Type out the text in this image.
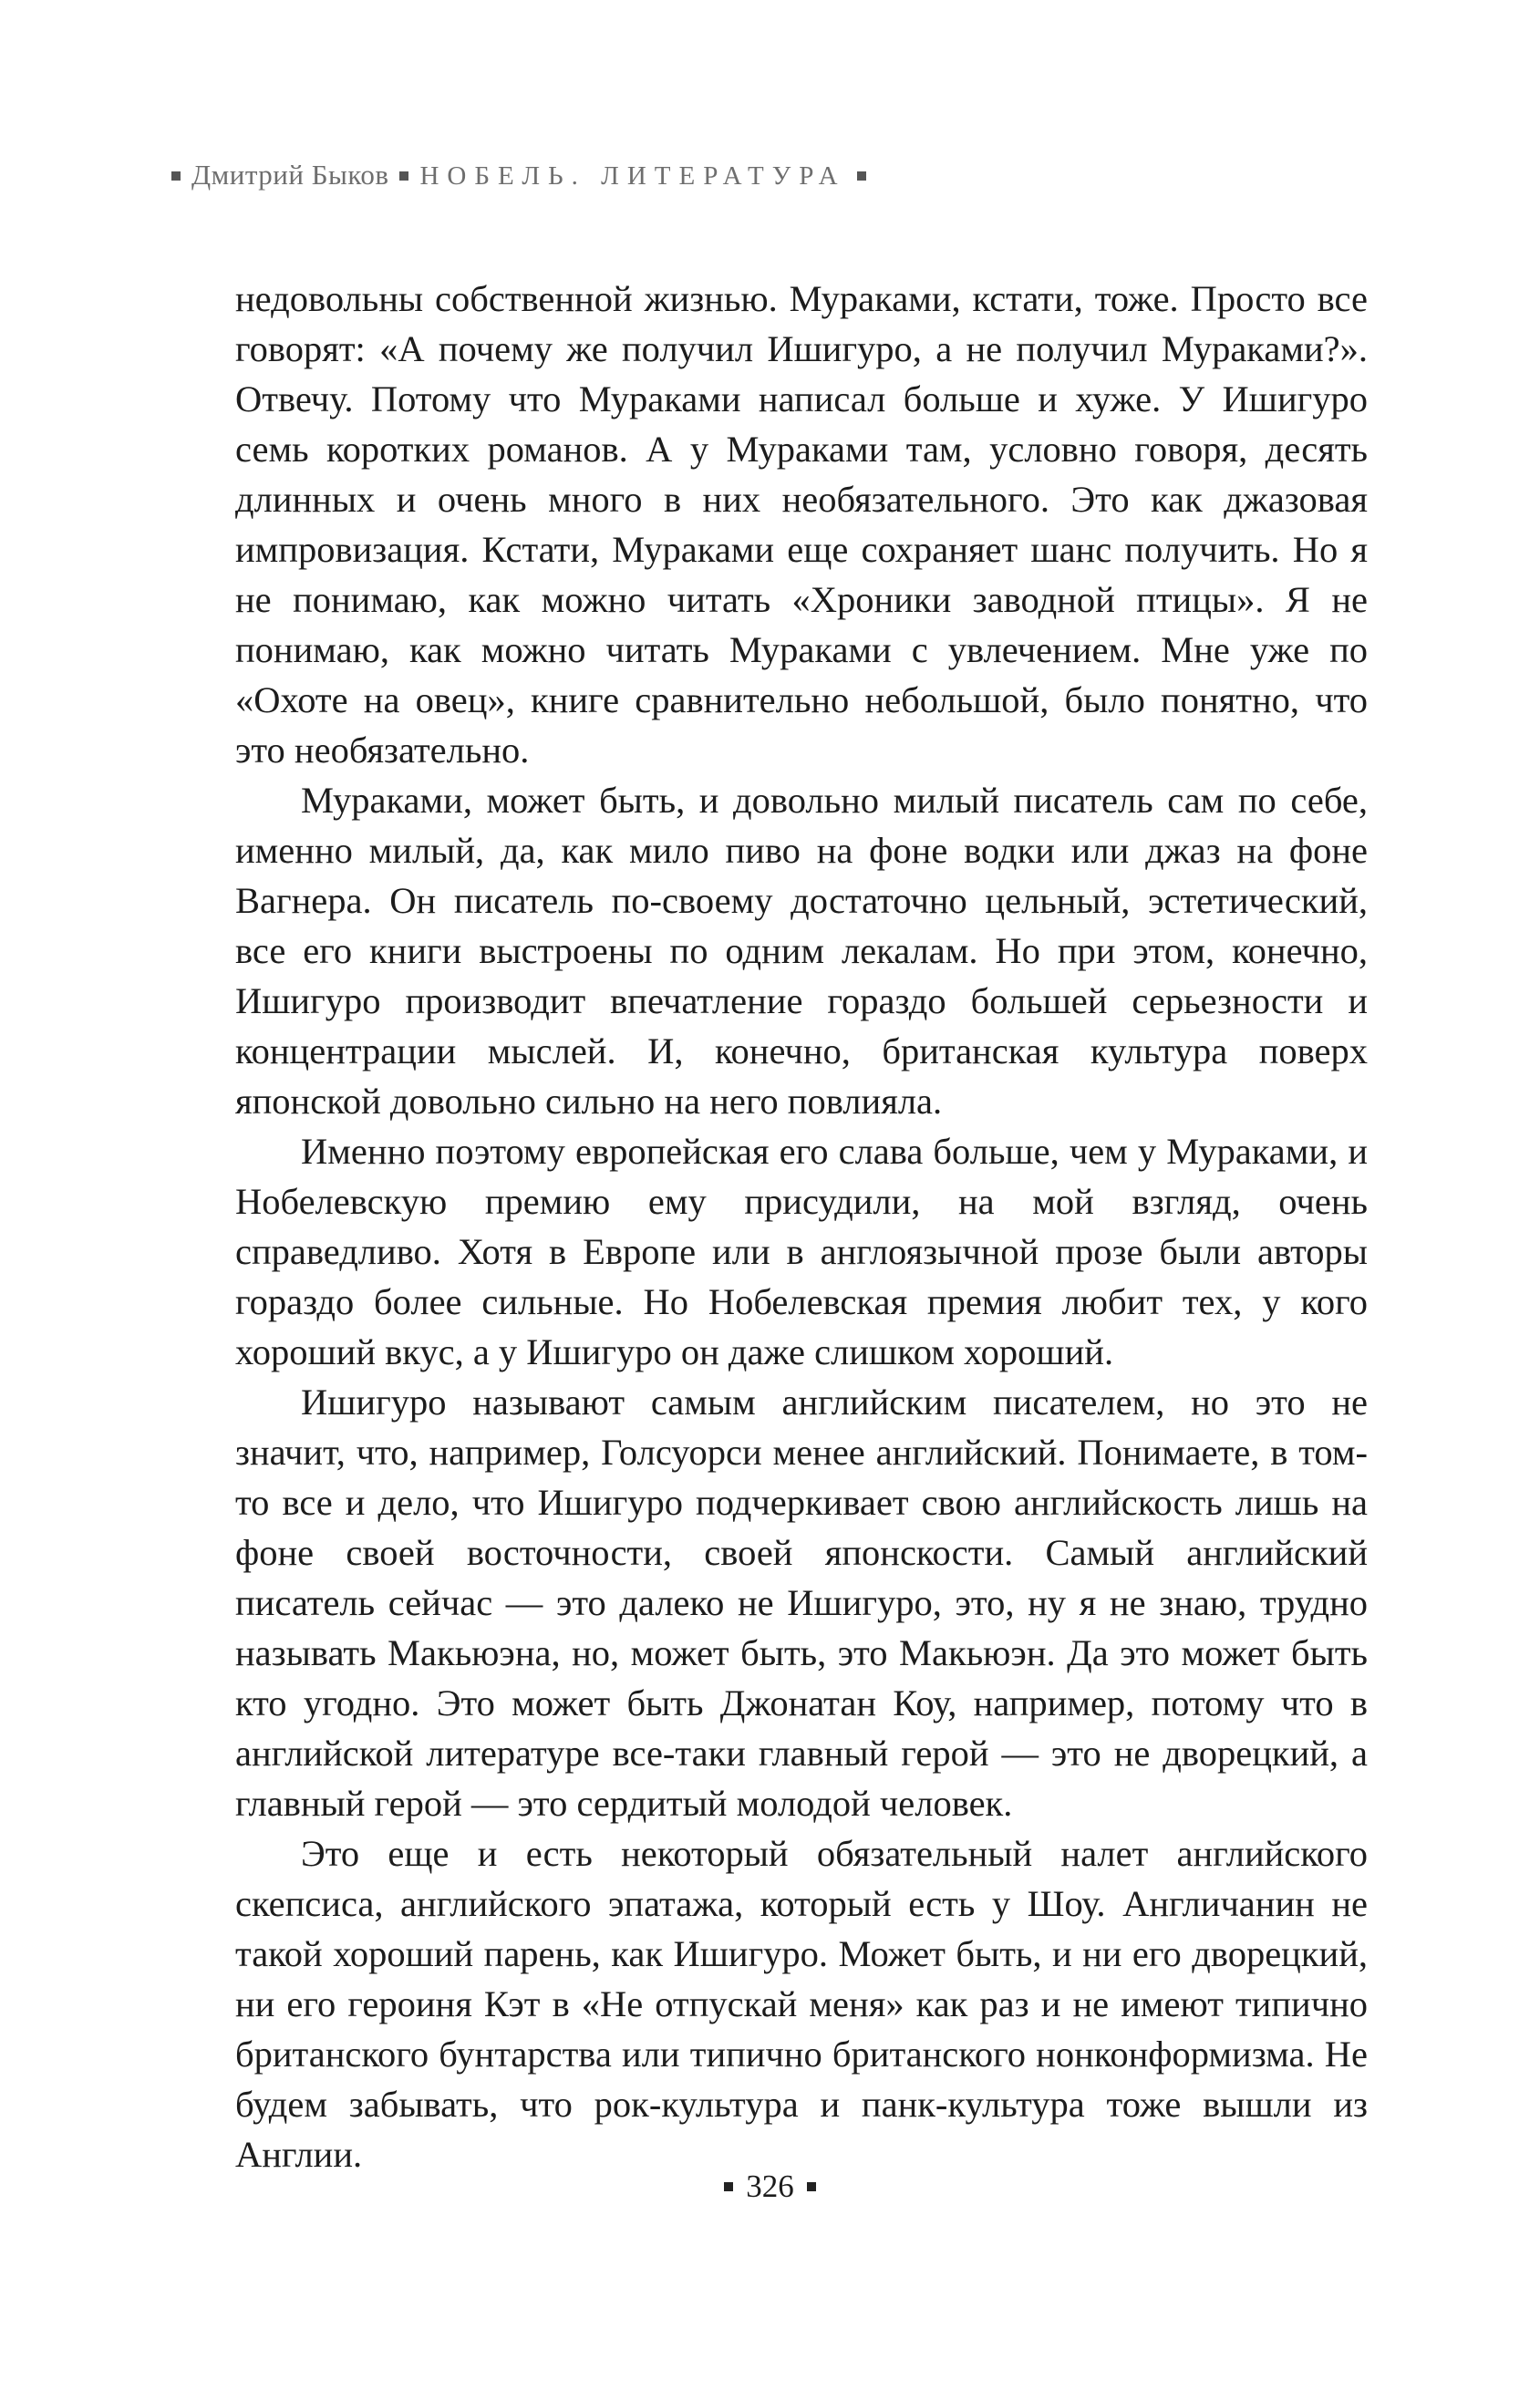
Дмитрий Быков НОБЕЛЬ. ЛИТЕРАТУРА

недовольны собственной жизнью. Мураками, кстати, тоже. Просто все говорят: «А почему же получил Ишигуро, а не получил Мураками?». Отвечу. Потому что Мураками написал больше и хуже. У Ишигуро семь коротких романов. А у Мураками там, условно говоря, десять длинных и очень много в них необязательного. Это как джазовая импровизация. Кстати, Мураками еще сохраняет шанс получить. Но я не понимаю, как можно читать «Хроники заводной птицы». Я не понимаю, как можно читать Мураками с увлечением. Мне уже по «Охоте на овец», книге сравнительно небольшой, было понятно, что это необязательно.

Мураками, может быть, и довольно милый писатель сам по себе, именно милый, да, как мило пиво на фоне водки или джаз на фоне Вагнера. Он писатель по-своему достаточно цельный, эстетический, все его книги выстроены по одним лекалам. Но при этом, конечно, Ишигуро производит впечатление гораздо большей серьезности и концентрации мыслей. И, конечно, британская культура поверх японской довольно сильно на него повлияла.

Именно поэтому европейская его слава больше, чем у Мураками, и Нобелевскую премию ему присудили, на мой взгляд, очень справедливо. Хотя в Европе или в англоязычной прозе были авторы гораздо более сильные. Но Нобелевская премия любит тех, у кого хороший вкус, а у Ишигуро он даже слишком хороший.

Ишигуро называют самым английским писателем, но это не значит, что, например, Голсуорси менее английский. Понимаете, в том-то все и дело, что Ишигуро подчеркивает свою английскость лишь на фоне своей восточности, своей японскости. Самый английский писатель сейчас — это далеко не Ишигуро, это, ну я не знаю, трудно называть Макьюэна, но, может быть, это Макьюэн. Да это может быть кто угодно. Это может быть Джонатан Коу, например, потому что в английской литературе все-таки главный герой — это не дворецкий, а главный герой — это сердитый молодой человек.

Это еще и есть некоторый обязательный налет английского скепсиса, английского эпатажа, который есть у Шоу. Англичанин не такой хороший парень, как Ишигуро. Может быть, и ни его дворецкий, ни его героиня Кэт в «Не отпускай меня» как раз и не имеют типично британского бунтарства или типично британского нонконформизма. Не будем забывать, что рок-культура и панк-культура тоже вышли из Англии.

326
